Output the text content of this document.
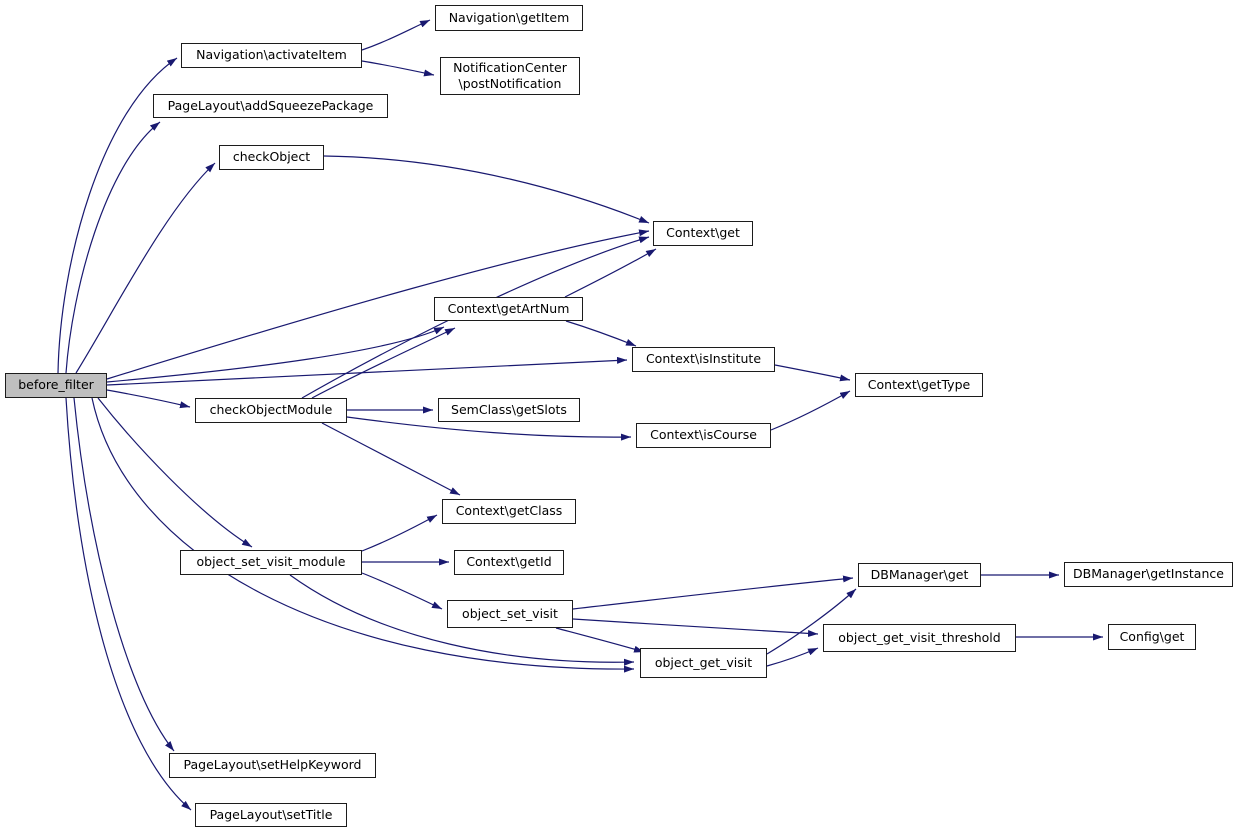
before_filter
Navigation\activateItem
Navigation\getItem
NotificationCenter
\postNotification
PageLayout\addSqueezePackage
checkObject
Context\get
Context\getArtNum
Context\isInstitute
Context\getType
checkObjectModule	SemClass\getSlots
Context\isCourse
Context\getClass
object_set_visit_module	Context\getId
object_set_visit
DBManager\get	DBManager\getInstance
object_get_visit_threshold	Config\get
object_get_visit
PageLayout\setHelpKeyword
PageLayout\setTitle
